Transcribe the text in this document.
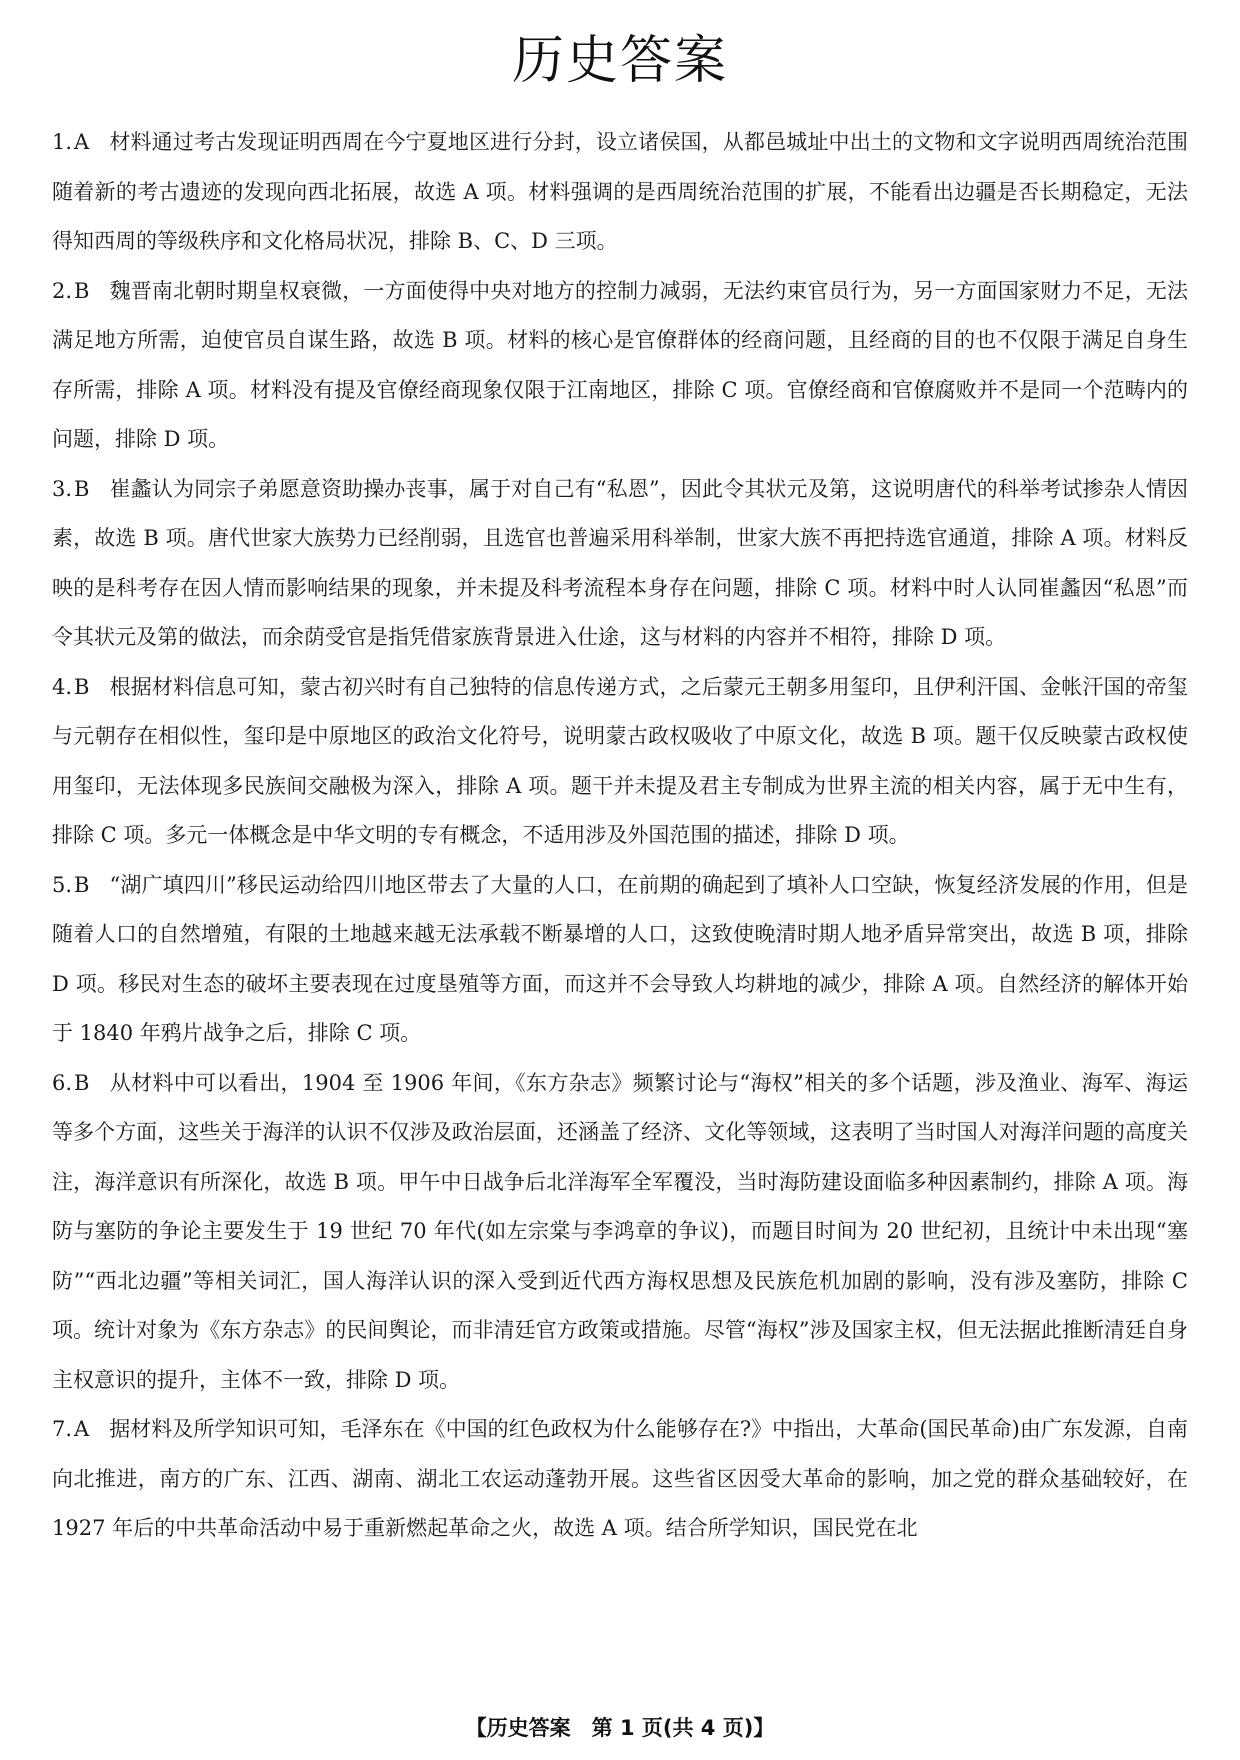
历史答案

1.A 材料通过考古发现证明西周在今宁夏地区进行分封，设立诸侯国，从都邑城址中出土的文物和文字说明西周统治范围随着新的考古遗迹的发现向西北拓展，故选 A 项。材料强调的是西周统治范围的扩展，不能看出边疆是否长期稳定，无法得知西周的等级秩序和文化格局状况，排除 B、C、D 三项。

2.B 魏晋南北朝时期皇权衰微，一方面使得中央对地方的控制力减弱，无法约束官员行为，另一方面国家财力不足，无法满足地方所需，迫使官员自谋生路，故选 B 项。材料的核心是官僚群体的经商问题，且经商的目的也不仅限于满足自身生存所需，排除 A 项。材料没有提及官僚经商现象仅限于江南地区，排除 C 项。官僚经商和官僚腐败并不是同一个范畴内的问题，排除 D 项。

3.B 崔蠡认为同宗子弟愿意资助操办丧事，属于对自己有“私恩”，因此令其状元及第，这说明唐代的科举考试掺杂人情因素，故选 B 项。唐代世家大族势力已经削弱，且选官也普遍采用科举制，世家大族不再把持选官通道，排除 A 项。材料反映的是科考存在因人情而影响结果的现象，并未提及科考流程本身存在问题，排除 C 项。材料中时人认同崔蠡因“私恩”而令其状元及第的做法，而余荫受官是指凭借家族背景进入仕途，这与材料的内容并不相符，排除 D 项。

4.B 根据材料信息可知，蒙古初兴时有自己独特的信息传递方式，之后蒙元王朝多用玺印，且伊利汗国、金帐汗国的帝玺与元朝存在相似性，玺印是中原地区的政治文化符号，说明蒙古政权吸收了中原文化，故选 B 项。题干仅反映蒙古政权使用玺印，无法体现多民族间交融极为深入，排除 A 项。题干并未提及君主专制成为世界主流的相关内容，属于无中生有，排除 C 项。多元一体概念是中华文明的专有概念，不适用涉及外国范围的描述，排除 D 项。

5.B “湖广填四川”移民运动给四川地区带去了大量的人口，在前期的确起到了填补人口空缺，恢复经济发展的作用，但是随着人口的自然增殖，有限的土地越来越无法承载不断暴增的人口，这致使晚清时期人地矛盾异常突出，故选 B 项，排除 D 项。移民对生态的破坏主要表现在过度垦殖等方面，而这并不会导致人均耕地的减少，排除 A 项。自然经济的解体开始于 1840 年鸦片战争之后，排除 C 项。

6.B 从材料中可以看出，1904 至 1906 年间，《东方杂志》频繁讨论与“海权”相关的多个话题，涉及渔业、海军、海运等多个方面，这些关于海洋的认识不仅涉及政治层面，还涵盖了经济、文化等领域，这表明了当时国人对海洋问题的高度关注，海洋意识有所深化，故选 B 项。甲午中日战争后北洋海军全军覆没，当时海防建设面临多种因素制约，排除 A 项。海防与塞防的争论主要发生于 19 世纪 70 年代(如左宗棠与李鸿章的争议)，而题目时间为 20 世纪初，且统计中未出现“塞防”“西北边疆”等相关词汇，国人海洋认识的深入受到近代西方海权思想及民族危机加剧的影响，没有涉及塞防，排除 C 项。统计对象为《东方杂志》的民间舆论，而非清廷官方政策或措施。尽管“海权”涉及国家主权，但无法据此推断清廷自身主权意识的提升，主体不一致，排除 D 项。

7.A 据材料及所学知识可知，毛泽东在《中国的红色政权为什么能够存在?》中指出，大革命(国民革命)由广东发源，自南向北推进，南方的广东、江西、湖南、湖北工农运动蓬勃开展。这些省区因受大革命的影响，加之党的群众基础较好，在 1927 年后的中共革命活动中易于重新燃起革命之火，故选 A 项。结合所学知识，国民党在北

【历史答案　第 1 页(共 4 页)】
